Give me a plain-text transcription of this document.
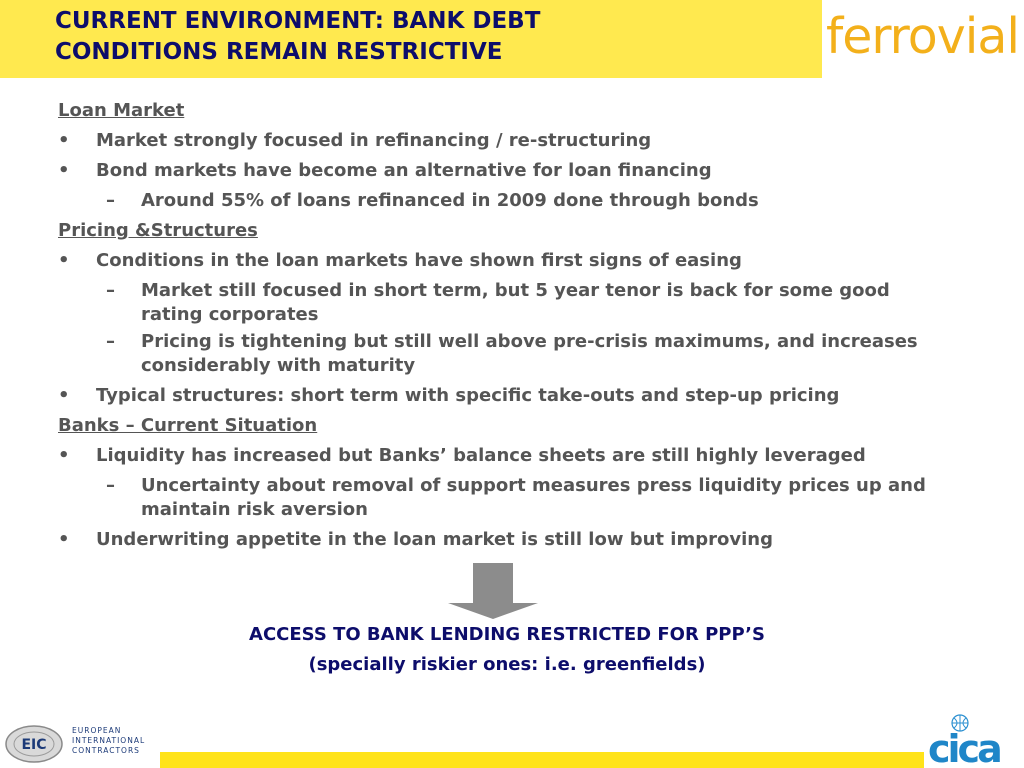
CURRENT ENVIRONMENT: BANK DEBT
CONDITIONS REMAIN RESTRICTIVE	ferrovial
Loan Market
•	Market strongly focused in refinancing / re-structuring
•	Bond markets have become an alternative for loan financing
– Around 55% of loans refinanced in 2009 done through bonds
Pricing &Structures
•	Conditions in the loan markets have shown first signs of easing
– Market still focused in short term, but 5 year tenor is back for some good rating corporates
– Pricing is tightening but still well above pre-crisis maximums, and increases considerably with maturity
•	Typical structures: short term with specific take-outs and step-up pricing
Banks – Current Situation
•	Liquidity has increased but Banks’ balance sheets are still highly leveraged
– Uncertainty about removal of support measures press liquidity prices up and maintain risk aversion
•	Underwriting appetite in the loan market is still low but improving
ACCESS TO BANK LENDING RESTRICTED FOR PPP’S
(specially riskier ones: i.e. greenfields)
EIC
EUROPEAN
INTERNATIONAL
CONTRACTORS	cica
